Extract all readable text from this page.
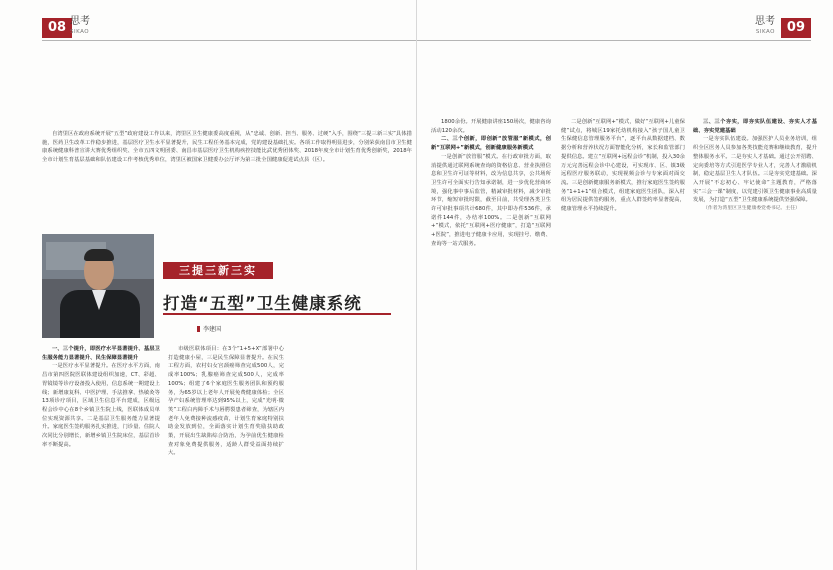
08 思考
SIKAO

自湾里区在政府系统开展“五型”政府建设工作以来，湾里区卫生健康委高度重视，从“忠诚、创新、担当、服务、过硬”入手，围绕“三提三新三实”具体措施，医药卫生改革工作稳步推进，基层医疗卫生水平显著提升，民生工程任务基本完成，党的建设基础扎实。各项工作取得明显进步，分别荣获南昌市卫生健康系统健康科普宣讲大赛优秀组织奖、全市五四文明团委、南昌市基层医疗卫生机构疾控技能比武优秀团体奖、2018年度全市计划生育优秀创新奖，2018年全市计划生育基层基础和队伍建设工作考核优秀单位，湾里区被国家卫健委办公厅评为第三批全国健康促进试点县（区）。

三提三新三实
打造“五型”卫生健康系统
李建国

一、三个提升，即医疗水平显著提升、基层卫生服务能力显著提升、民生保障显著提升

一是医疗水平显著提升。在医疗水平方面，南昌市第四医院医联体建设组织加速，CT、彩超、胃镜镜等诊疗设备投入使用，信息系统一期建设上线；新增康复科、中医护理、手法推拿、热敏灸等13项诊疗项目，区域卫生信息平台建成，区级远程会诊中心在8个乡镇卫生院上线，医联体成员单位实现资源共享。二是基层卫生服务能力显著提升。家庭医生签约服务扎实推进，门诊量、住院人次同比分别增长，新增乡镇卫生院床位，基层首诊率不断提高。

市级医联体项目：在3个“1+5+X”部署中心打造健康小屋，三是民生保障显著提升。在民生工程方面，农村妇女宫颈癌筛查完成500人，完成率100%；乳腺癌筛查完成500人，完成率100%；组建了6个家庭医生服务团队和预约服务，为65岁以上老年人开展免费健康体检；全区孕产妇系统管理率达到95%以上，完成“光明·微笑”工程白内障手术与唇腭裂患者筛查，为辖区内老年人免费接种流感疫苗，计划生育家庭特别扶助金发放到位，全面落实计划生育奖励扶助政策，开展出生缺陷综合防治，为孕前优生健康检查对象免费提供服务，适龄人群受益面持续扩大。

09
思考
SIKAO

1800余份。开展健康讲座150场次，健康咨询活动120余次。

二、三个创新，即创新“放管服”新模式，创新“互联网+”新模式，创新健康服务新模式

一是创新“放管服”模式。在行政审批方面，取消提供通过联网系统查询的资格信息、营业执照信息和卫生许可证等材料，改为信息共享，公共场所卫生许可全面实行告知承诺制，进一步优化营商环境，强化事中事后监管，精减审批材料，减少审批环节，缩短审批时限，截至目前，共受理各类卫生许可审批事项共计680件，其中即办件536件，承诺件144件，办结率100%。二是创新“互联网+”模式，依托“互联网+医疗健康”，打造“互联网+医院”，推进电子健康卡应用，实现挂号、缴费、查询等一站式服务。

二是创新“互联网+”模式，做好“互联网+儿童保健”试点，将城区19家托幼机构接入“孩子国儿童卫生保健信息管理服务平台”，逐平台从数据建档、数据分析和营养状况方面智能化分析，家长和监管部门提供信息。建立“互联网+远程会诊”机制，投入30余万元完善远程会诊中心建设，可实现市、区、镇3级远程医疗服务联动，实现视频会诊与专家面对面交流。三是创新健康服务新模式，推行家庭医生签约服务“1+1+1”组合模式，组建家庭医生团队，深入村组为居民提供签约服务，重点人群签约率显著提高，健康管理水平持续提升。

三、三个夯实，即夯实队伍建设、夯实人才基础、夯实党建基础

一是夯实队伍建设。加强医护人员业务培训，组织全区医务人员参加各类技能竞赛和继续教育，提升整体服务水平。二是夯实人才基础。通过公开招聘、定向委培等方式引进医学专业人才，完善人才激励机制，稳定基层卫生人才队伍。三是夯实党建基础。深入开展“不忘初心、牢记使命”主题教育，严格落实“三会一课”制度，以党建引领卫生健康事业高质量发展，为打造“五型”卫生健康系统提供坚强保障。

（作者为湾里区卫生健康委党委书记、主任）
